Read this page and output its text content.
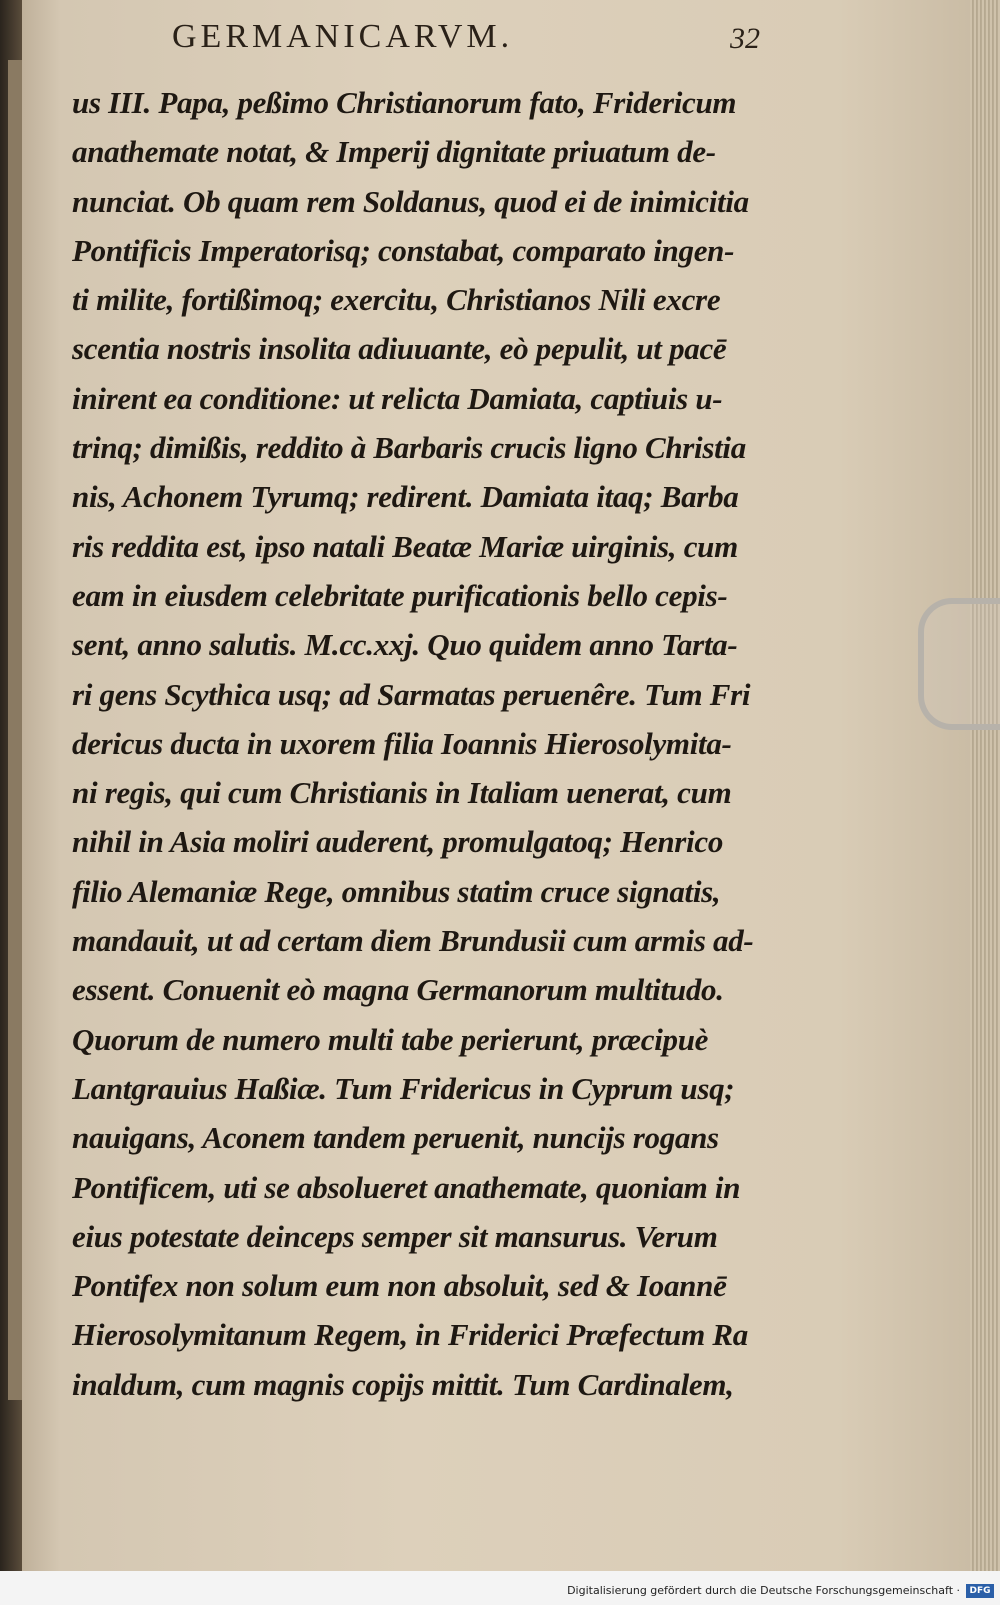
GERMANICARVM.	32
us III. Papa, peßimo Christianorum fato, Fridericum
anathemate notat, & Imperij dignitate priuatum de-
nunciat. Ob quam rem Soldanus, quod ei de inimicitia
Pontificis Imperatorisq; constabat, comparato ingen-
ti milite, fortißimoq; exercitu, Christianos Nili excre
scentia nostris insolita adiuuante, eò pepulit, ut pacē
inirent ea conditione: ut relicta Damiata, captiuis u-
trinq; dimißis, reddito à Barbaris crucis ligno Christia
nis, Achonem Tyrumq; redirent. Damiata itaq; Barba
ris reddita est, ipso natali Beatæ Mariæ uirginis, cum
eam in eiusdem celebritate purificationis bello cepis-
sent, anno salutis. M.cc.xxj. Quo quidem anno Tarta-
ri gens Scythica usq; ad Sarmatas peruenêre. Tum Fri
dericus ducta in uxorem filia Ioannis Hierosolymita-
ni regis, qui cum Christianis in Italiam uenerat, cum
nihil in Asia moliri auderent, promulgatoq; Henrico
filio Alemaniæ Rege, omnibus statim cruce signatis,
mandauit, ut ad certam diem Brundusii cum armis ad-
essent. Conuenit eò magna Germanorum multitudo.
Quorum de numero multi tabe perierunt, præcipuè
Lantgrauius Haßiæ. Tum Fridericus in Cyprum usq;
nauigans, Aconem tandem peruenit, nuncijs rogans
Pontificem, uti se absolueret anathemate, quoniam in
eius potestate deinceps semper sit mansurus. Verum
Pontifex non solum eum non absoluit, sed & Ioannē
Hierosolymitanum Regem, in Friderici Præfectum Ra
inaldum, cum magnis copijs mittit. Tum Cardinalem,
Digitalisierung gefördert durch die Deutsche Forschungsgemeinschaft ·	DFG
